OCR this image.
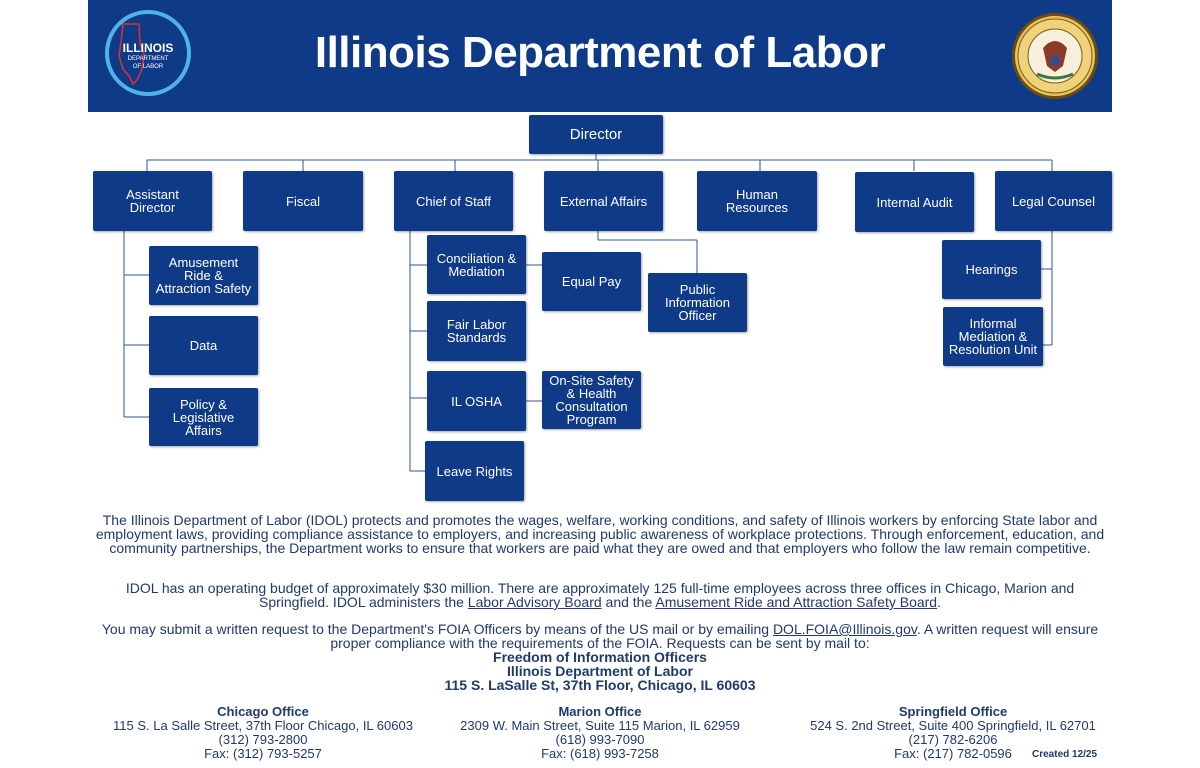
Illinois Department of Labor
ILLINOIS
DEPARTMENT
OF LABOR
Director
Assistant
Director	Fiscal	Chief of Staff	External Affairs	Human
Resources	Internal Audit	Legal Counsel
Amusement
Ride &
Attraction Safety
Data
Policy &
Legislative
Affairs
Conciliation &
Mediation
Fair Labor
Standards
IL OSHA
Leave Rights
Equal Pay
On-Site Safety
& Health
Consultation
Program
Public
Information
Officer
Hearings
Informal
Mediation &
Resolution Unit
The Illinois Department of Labor (IDOL) protects and promotes the wages, welfare, working conditions, and safety of Illinois workers by enforcing State labor and employment laws, providing compliance assistance to employers, and increasing public awareness of workplace protections. Through enforcement, education, and community partnerships, the Department works to ensure that workers are paid what they are owed and that employers who follow the law remain competitive.
IDOL has an operating budget of approximately $30 million. There are approximately 125 full-time employees across three offices in Chicago, Marion and Springfield. IDOL administers the Labor Advisory Board and the Amusement Ride and Attraction Safety Board.
You may submit a written request to the Department's FOIA Officers by means of the US mail or by emailing DOL.FOIA@Illinois.gov. A written request will ensure proper compliance with the requirements of the FOIA. Requests can be sent by mail to:
Freedom of Information Officers
Illinois Department of Labor
115 S. LaSalle St, 37th Floor, Chicago, IL 60603
Chicago Office
115 S. La Salle Street, 37th Floor Chicago, IL 60603
(312) 793-2800
Fax: (312) 793-5257
Marion Office
2309 W. Main Street, Suite 115 Marion, IL 62959
(618) 993-7090
Fax: (618) 993-7258
Springfield Office
524 S. 2nd Street, Suite 400 Springfield, IL 62701
(217) 782-6206
Fax: (217) 782-0596	Created 12/25
